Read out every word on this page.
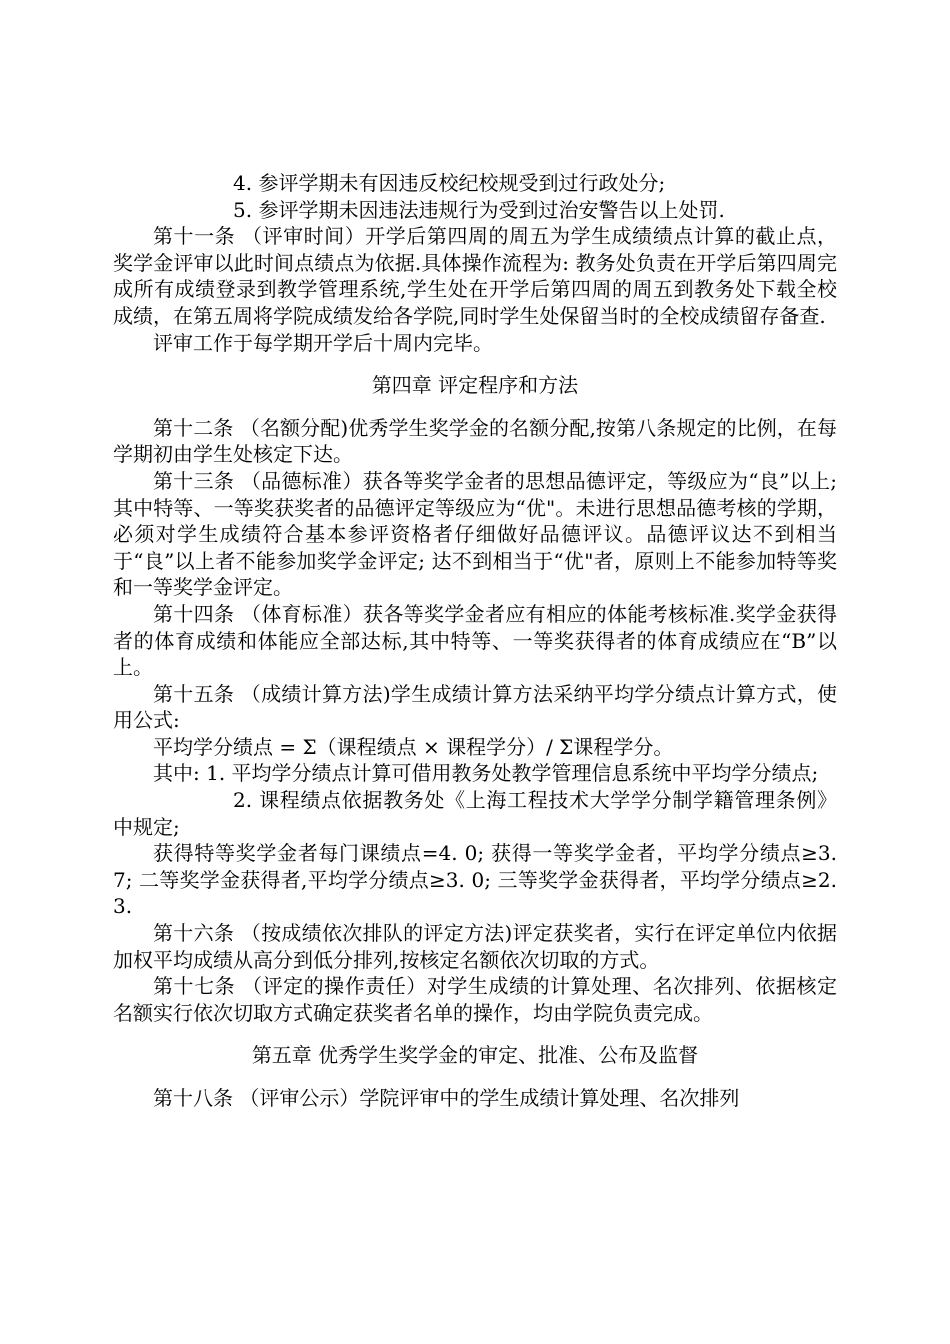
4. 参评学期未有因违反校纪校规受到过行政处分;

5. 参评学期未因违法违规行为受到过治安警告以上处罚.

第十一条 （评审时间）开学后第四周的周五为学生成绩绩点计算的截止点，奖学金评审以此时间点绩点为依据.具体操作流程为: 教务处负责在开学后第四周完成所有成绩登录到教学管理系统,学生处在开学后第四周的周五到教务处下载全校成绩，在第五周将学院成绩发给各学院,同时学生处保留当时的全校成绩留存备查.

评审工作于每学期开学后十周内完毕。

第四章 评定程序和方法

第十二条 （名额分配)优秀学生奖学金的名额分配,按第八条规定的比例，在每学期初由学生处核定下达。

第十三条 （品德标准）获各等奖学金者的思想品德评定，等级应为“良”以上; 其中特等、一等奖获奖者的品德评定等级应为“优"。未进行思想品德考核的学期，必须对学生成绩符合基本参评资格者仔细做好品德评议。品德评议达不到相当于“良”以上者不能参加奖学金评定; 达不到相当于“优"者，原则上不能参加特等奖和一等奖学金评定。

第十四条 （体育标准）获各等奖学金者应有相应的体能考核标准.奖学金获得者的体育成绩和体能应全部达标,其中特等、一等奖获得者的体育成绩应在“B”以上。

第十五条 （成绩计算方法)学生成绩计算方法采纳平均学分绩点计算方式，使用公式:

平均学分绩点 = Σ（课程绩点 × 课程学分）/ Σ课程学分。

其中: 1. 平均学分绩点计算可借用教务处教学管理信息系统中平均学分绩点;

2. 课程绩点依据教务处《上海工程技术大学学分制学籍管理条例》中规定;

获得特等奖学金者每门课绩点=4. 0; 获得一等奖学金者，平均学分绩点≥3. 7; 二等奖学金获得者,平均学分绩点≥3. 0; 三等奖学金获得者，平均学分绩点≥2. 3.

第十六条 （按成绩依次排队的评定方法)评定获奖者，实行在评定单位内依据加权平均成绩从高分到低分排列,按核定名额依次切取的方式。

第十七条 （评定的操作责任）对学生成绩的计算处理、名次排列、依据核定名额实行依次切取方式确定获奖者名单的操作，均由学院负责完成。

第五章 优秀学生奖学金的审定、批准、公布及监督

第十八条 （评审公示）学院评审中的学生成绩计算处理、名次排列
